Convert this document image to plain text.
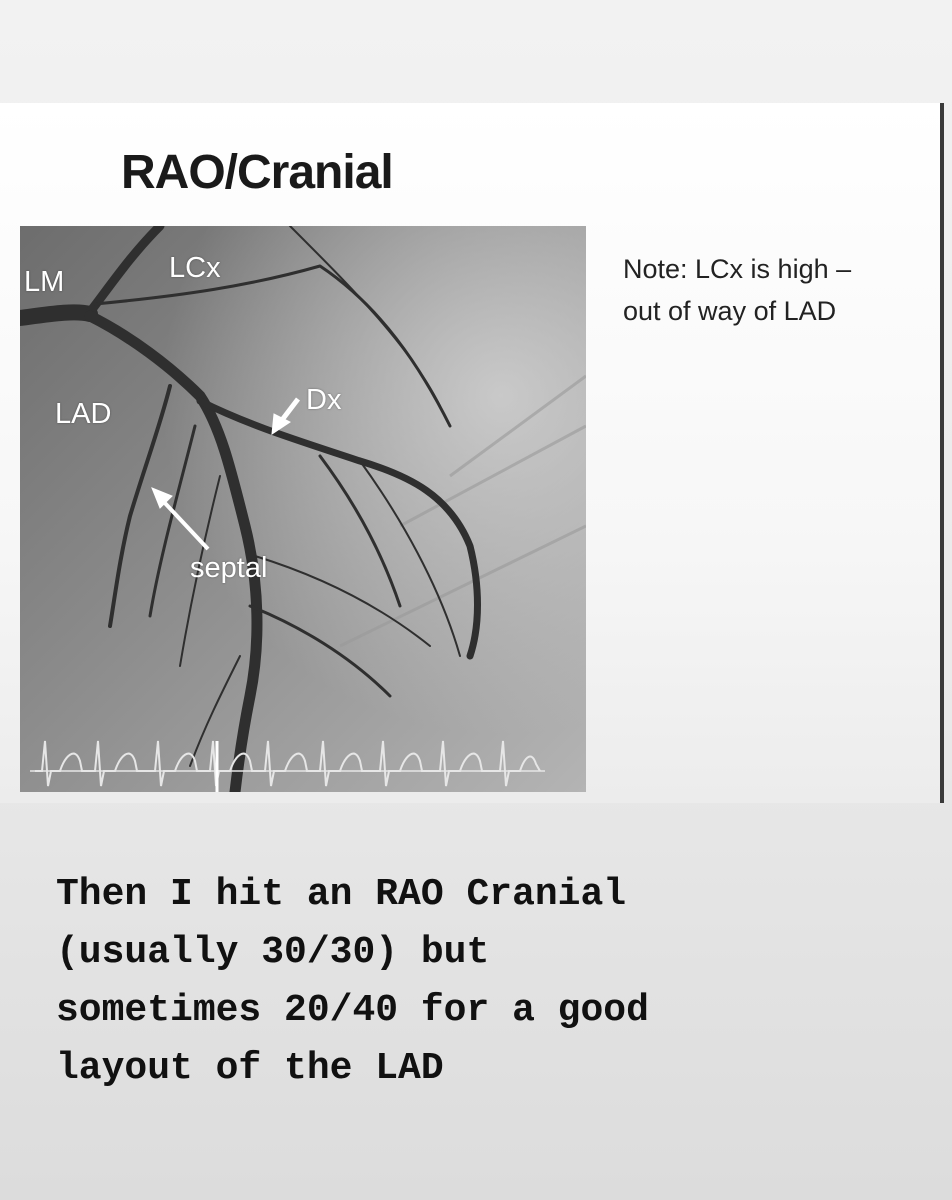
RAO/Cranial
LM	LCx
LAD	Dx
septal
Note: LCx is high –
out of way of LAD
Then I hit an RAO Cranial
(usually 30/30) but
sometimes 20/40 for a good
layout of the LAD
